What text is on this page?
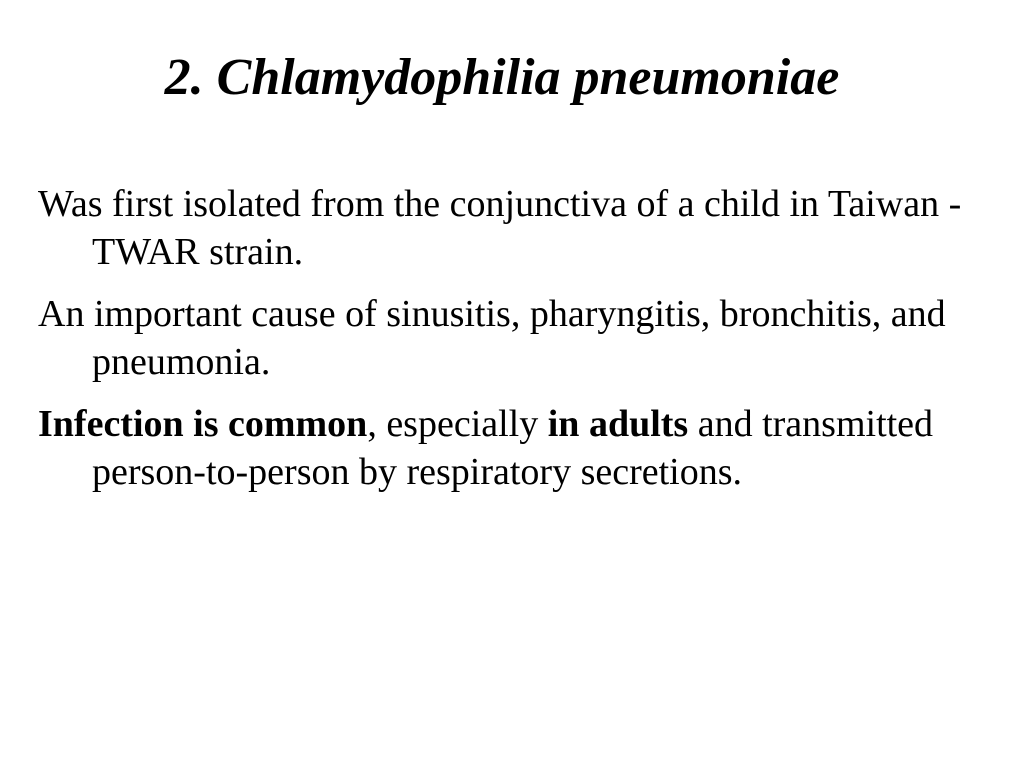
2. Chlamydophilia pneumoniae
Was first isolated from the conjunctiva of a child in Taiwan - TWAR strain.
An important cause of sinusitis, pharyngitis, bronchitis, and pneumonia.
Infection is common, especially in adults and transmitted person-to-person by respiratory secretions.
